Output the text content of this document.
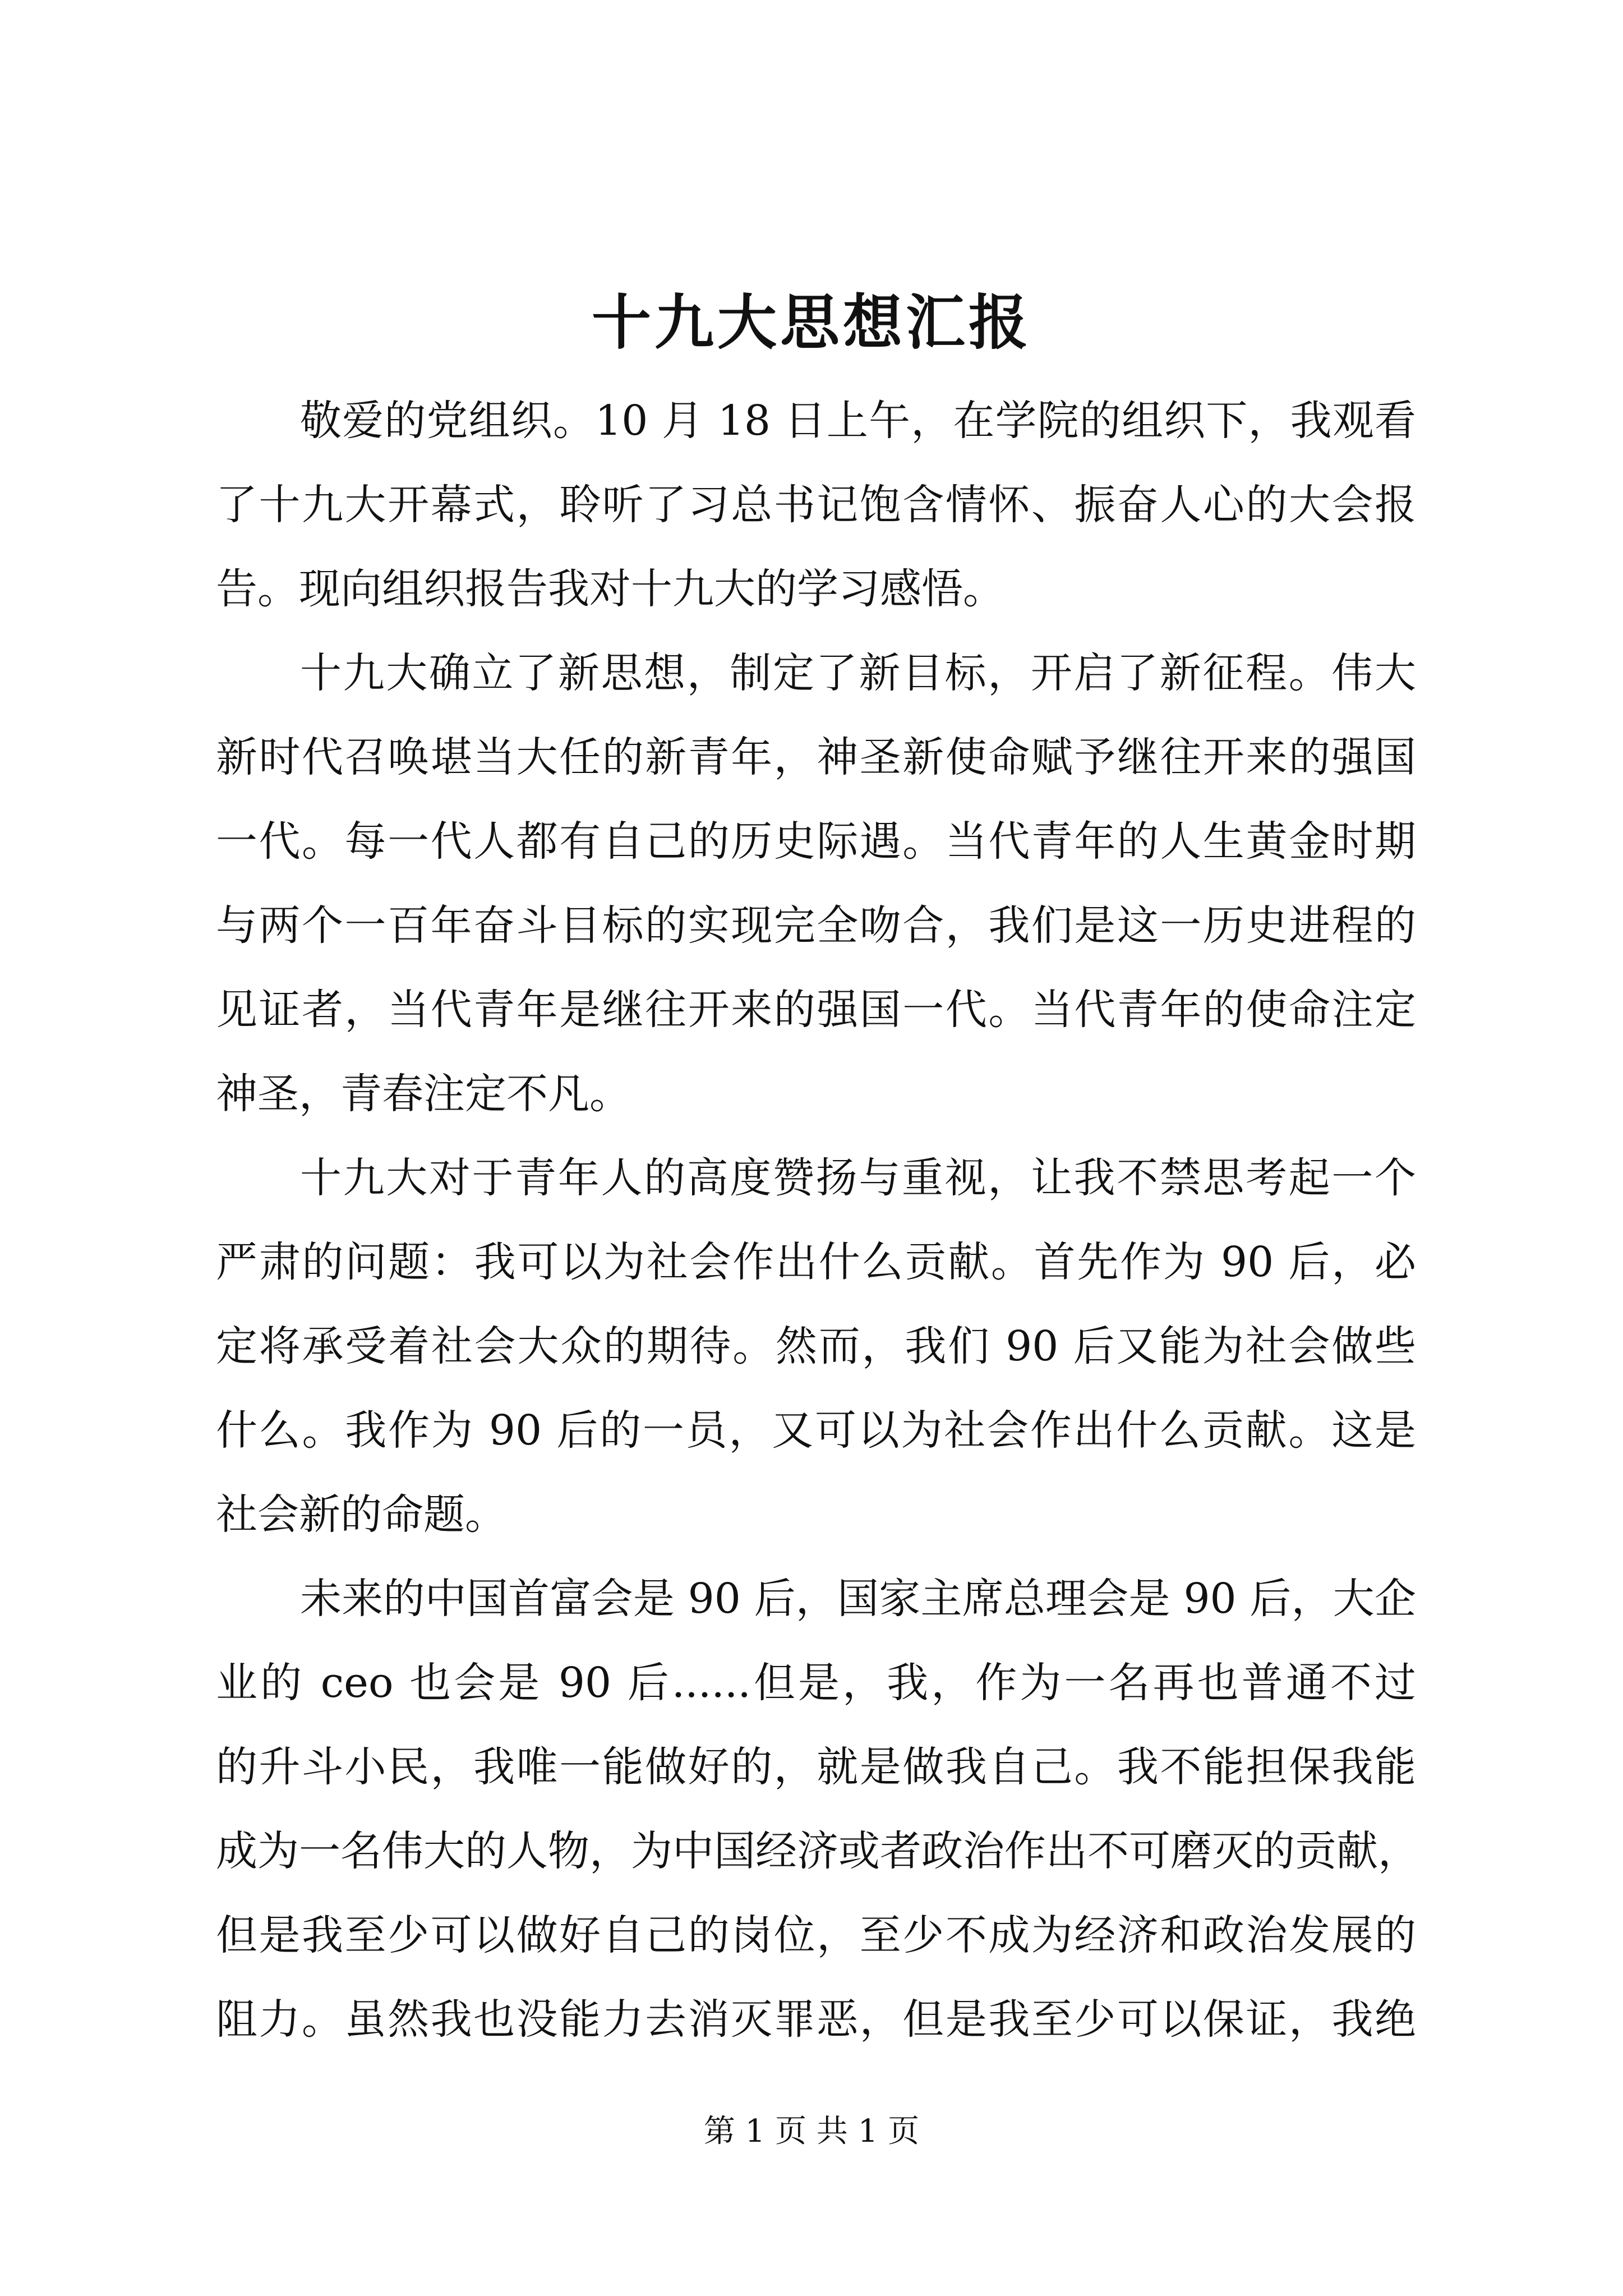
十九大思想汇报

敬爱的党组织。10 月 18 日上午，在学院的组织下，我观看

了十九大开幕式，聆听了习总书记饱含情怀、振奋人心的大会报

告。现向组织报告我对十九大的学习感悟。

十九大确立了新思想，制定了新目标，开启了新征程。伟大

新时代召唤堪当大任的新青年，神圣新使命赋予继往开来的强国

一代。每一代人都有自己的历史际遇。当代青年的人生黄金时期

与两个一百年奋斗目标的实现完全吻合，我们是这一历史进程的

见证者，当代青年是继往开来的强国一代。当代青年的使命注定

神圣，青春注定不凡。

十九大对于青年人的高度赞扬与重视，让我不禁思考起一个

严肃的问题：我可以为社会作出什么贡献。首先作为 90 后，必

定将承受着社会大众的期待。然而，我们 90 后又能为社会做些

什么。我作为 90 后的一员，又可以为社会作出什么贡献。这是

社会新的命题。

未来的中国首富会是 90 后，国家主席总理会是 90 后，大企

业的 ceo 也会是 90 后......但是，我，作为一名再也普通不过

的升斗小民，我唯一能做好的，就是做我自己。我不能担保我能

成为一名伟大的人物，为中国经济或者政治作出不可磨灭的贡献，

但是我至少可以做好自己的岗位，至少不成为经济和政治发展的

阻力。虽然我也没能力去消灭罪恶，但是我至少可以保证，我绝

第 1 页 共 1 页
